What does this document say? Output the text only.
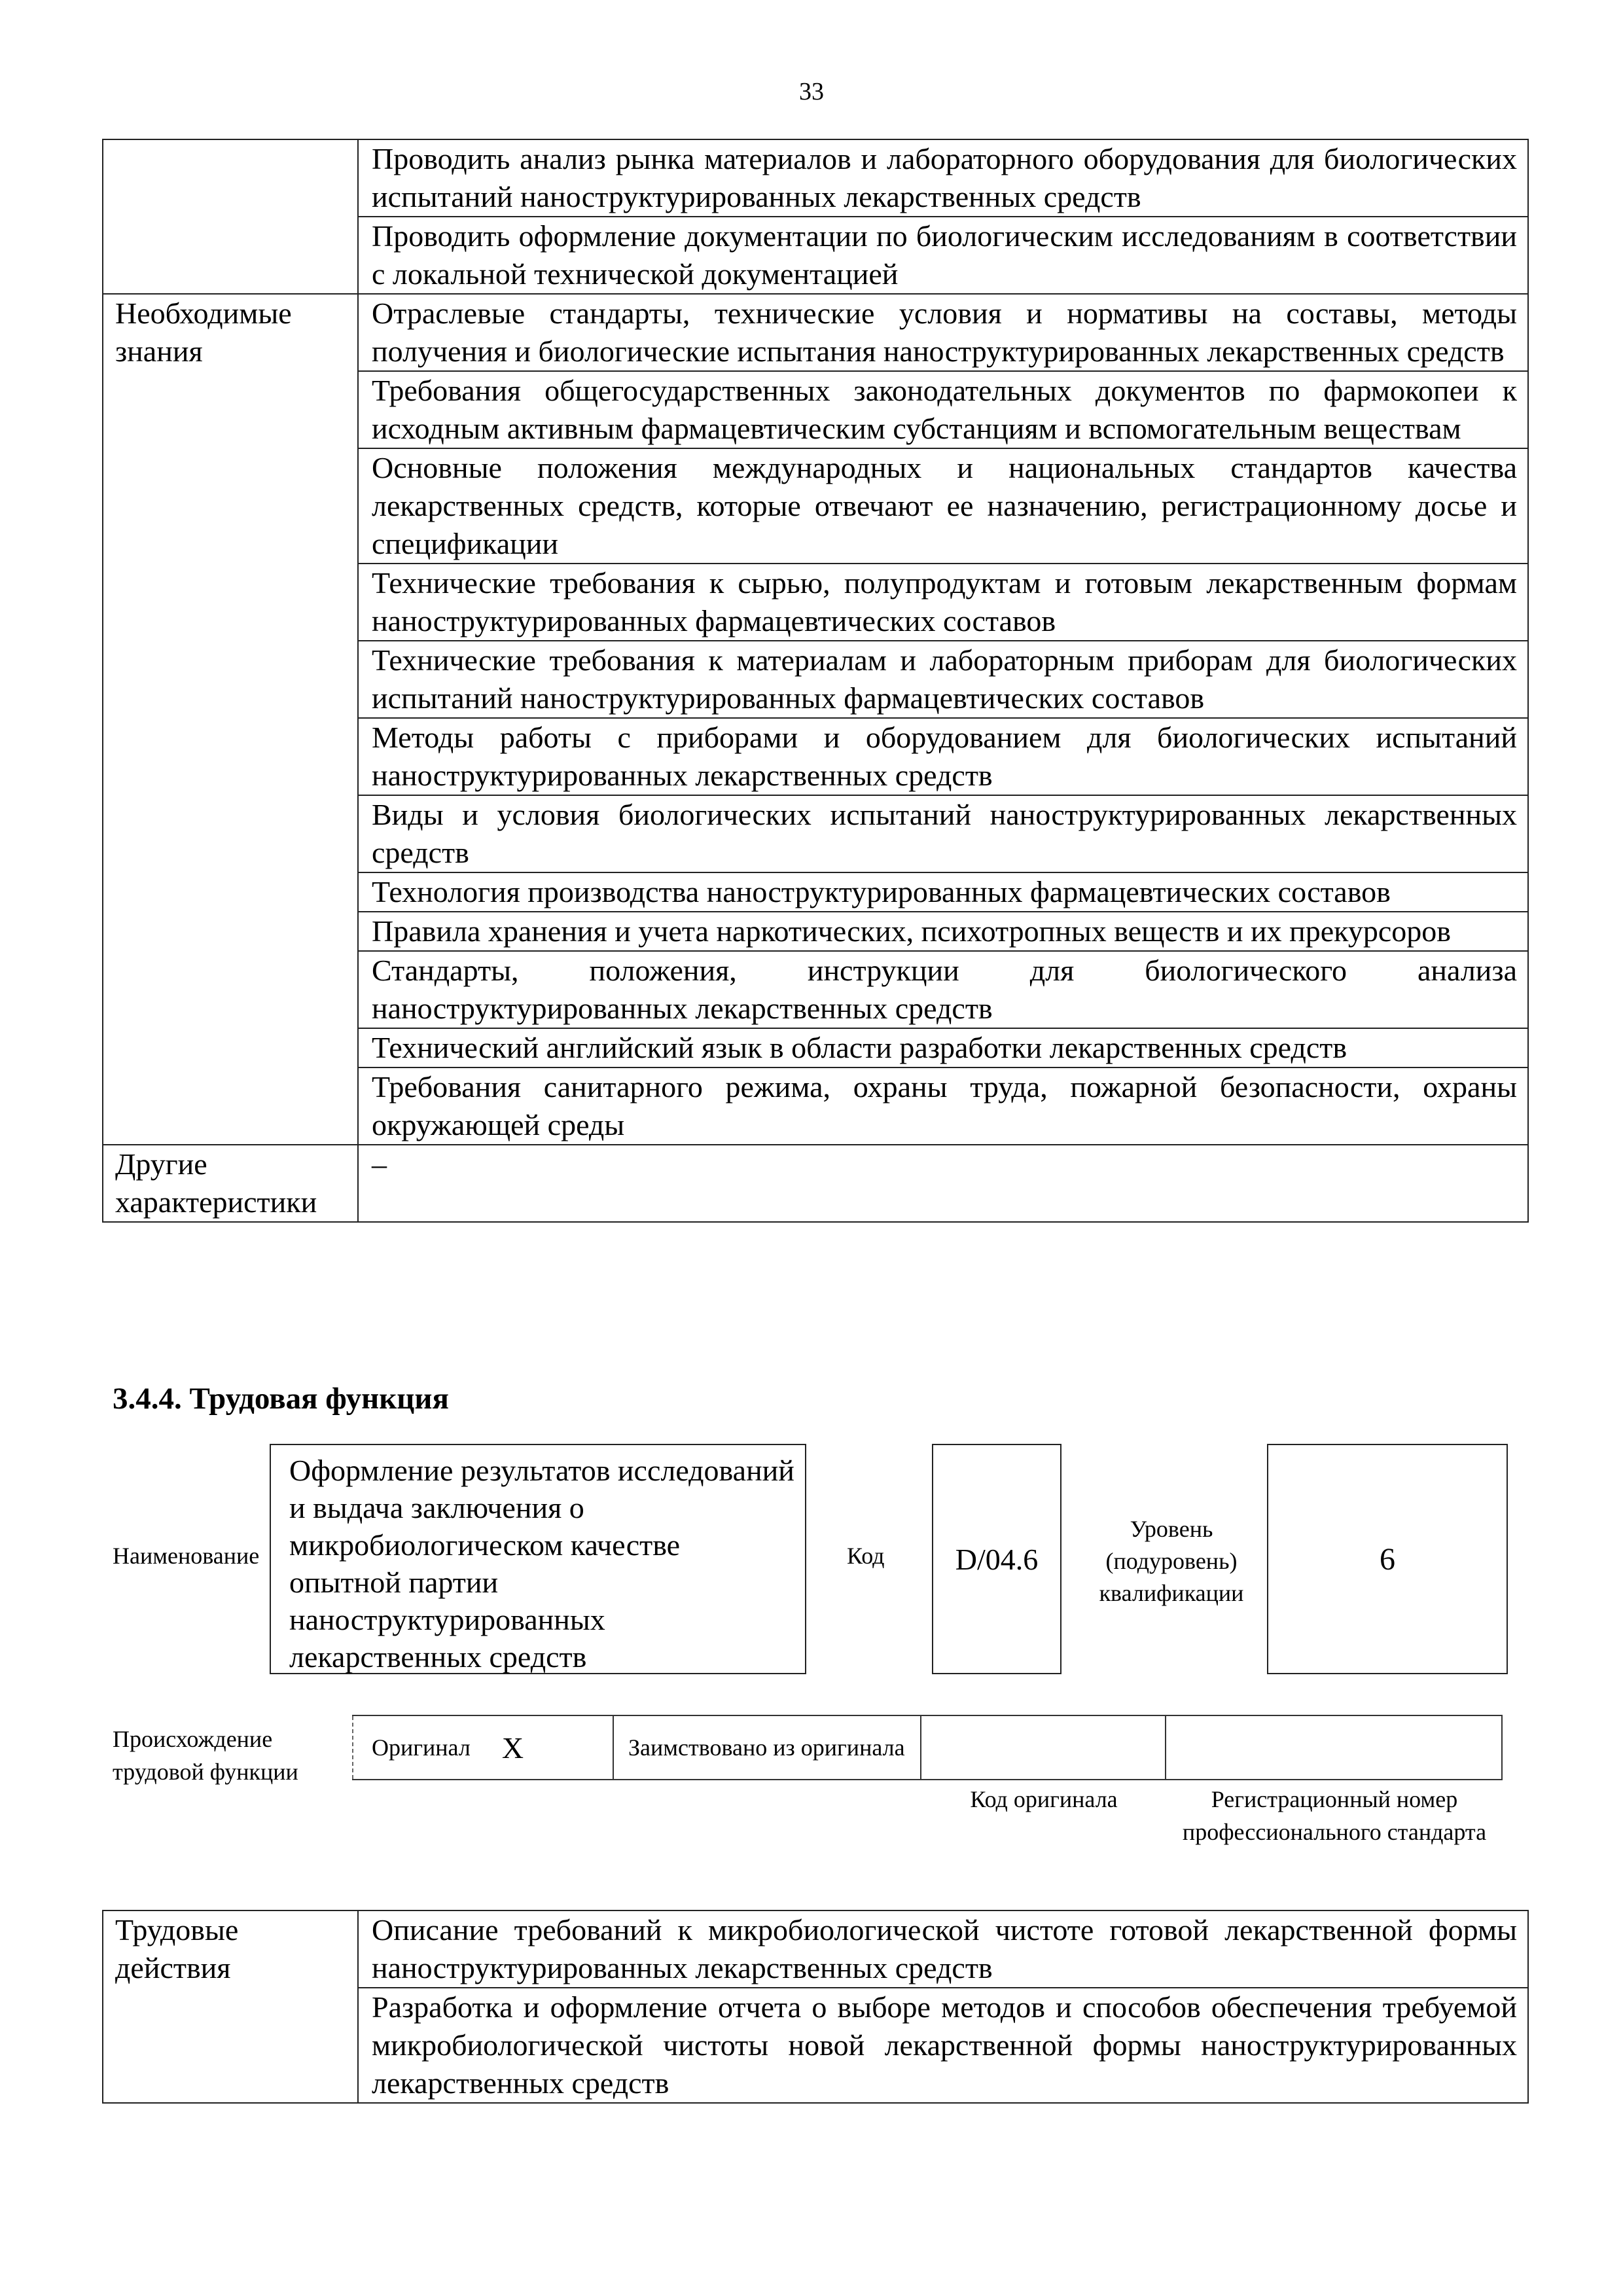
33
	Проводить анализ рынка материалов и лабораторного оборудования для биологических испытаний наноструктурированных лекарственных средств
	Проводить оформление документации по биологическим исследованиям в соответствии с локальной технической документацией
Необходимые знания	Отраслевые стандарты, технические условия и нормативы на составы, методы получения и биологические испытания наноструктурированных лекарственных средств
	Требования общегосударственных законодательных документов по фармокопеи к исходным активным фармацевтическим субстанциям и вспомогательным веществам
	Основные положения международных и национальных стандартов качества лекарственных средств, которые отвечают ее назначению, регистрационному досье и спецификации
	Технические требования к сырью, полупродуктам и готовым лекарственным формам наноструктурированных фармацевтических составов
	Технические требования к материалам и лабораторным приборам для биологических испытаний наноструктурированных фармацевтических составов
	Методы работы с приборами и оборудованием для биологических испытаний наноструктурированных лекарственных средств
	Виды и условия биологических испытаний наноструктурированных лекарственных средств
	Технология производства наноструктурированных фармацевтических составов
	Правила хранения и учета наркотических, психотропных веществ и их прекурсоров
	Стандарты, положения, инструкции для биологического анализа наноструктурированных лекарственных средств
	Технический английский язык в области разработки лекарственных средств
	Требования санитарного режима, охраны труда, пожарной безопасности, охраны окружающей среды
Другие характеристики	–
3.4.4. Трудовая функция
Наименование
Оформление результатов исследований и выдача заключения о микробиологическом качестве опытной партии наноструктурированных лекарственных средств
Код D/04.6
Уровень (подуровень) квалификации
6
Происхождение трудовой функции
Оригинал X	Заимствовано из оригинала
Код оригинала	Регистрационный номер профессионального стандарта
Трудовые действия	Описание требований к микробиологической чистоте готовой лекарственной формы наноструктурированных лекарственных средств
	Разработка и оформление отчета о выборе методов и способов обеспечения требуемой микробиологической чистоты новой лекарственной формы наноструктурированных лекарственных средств
